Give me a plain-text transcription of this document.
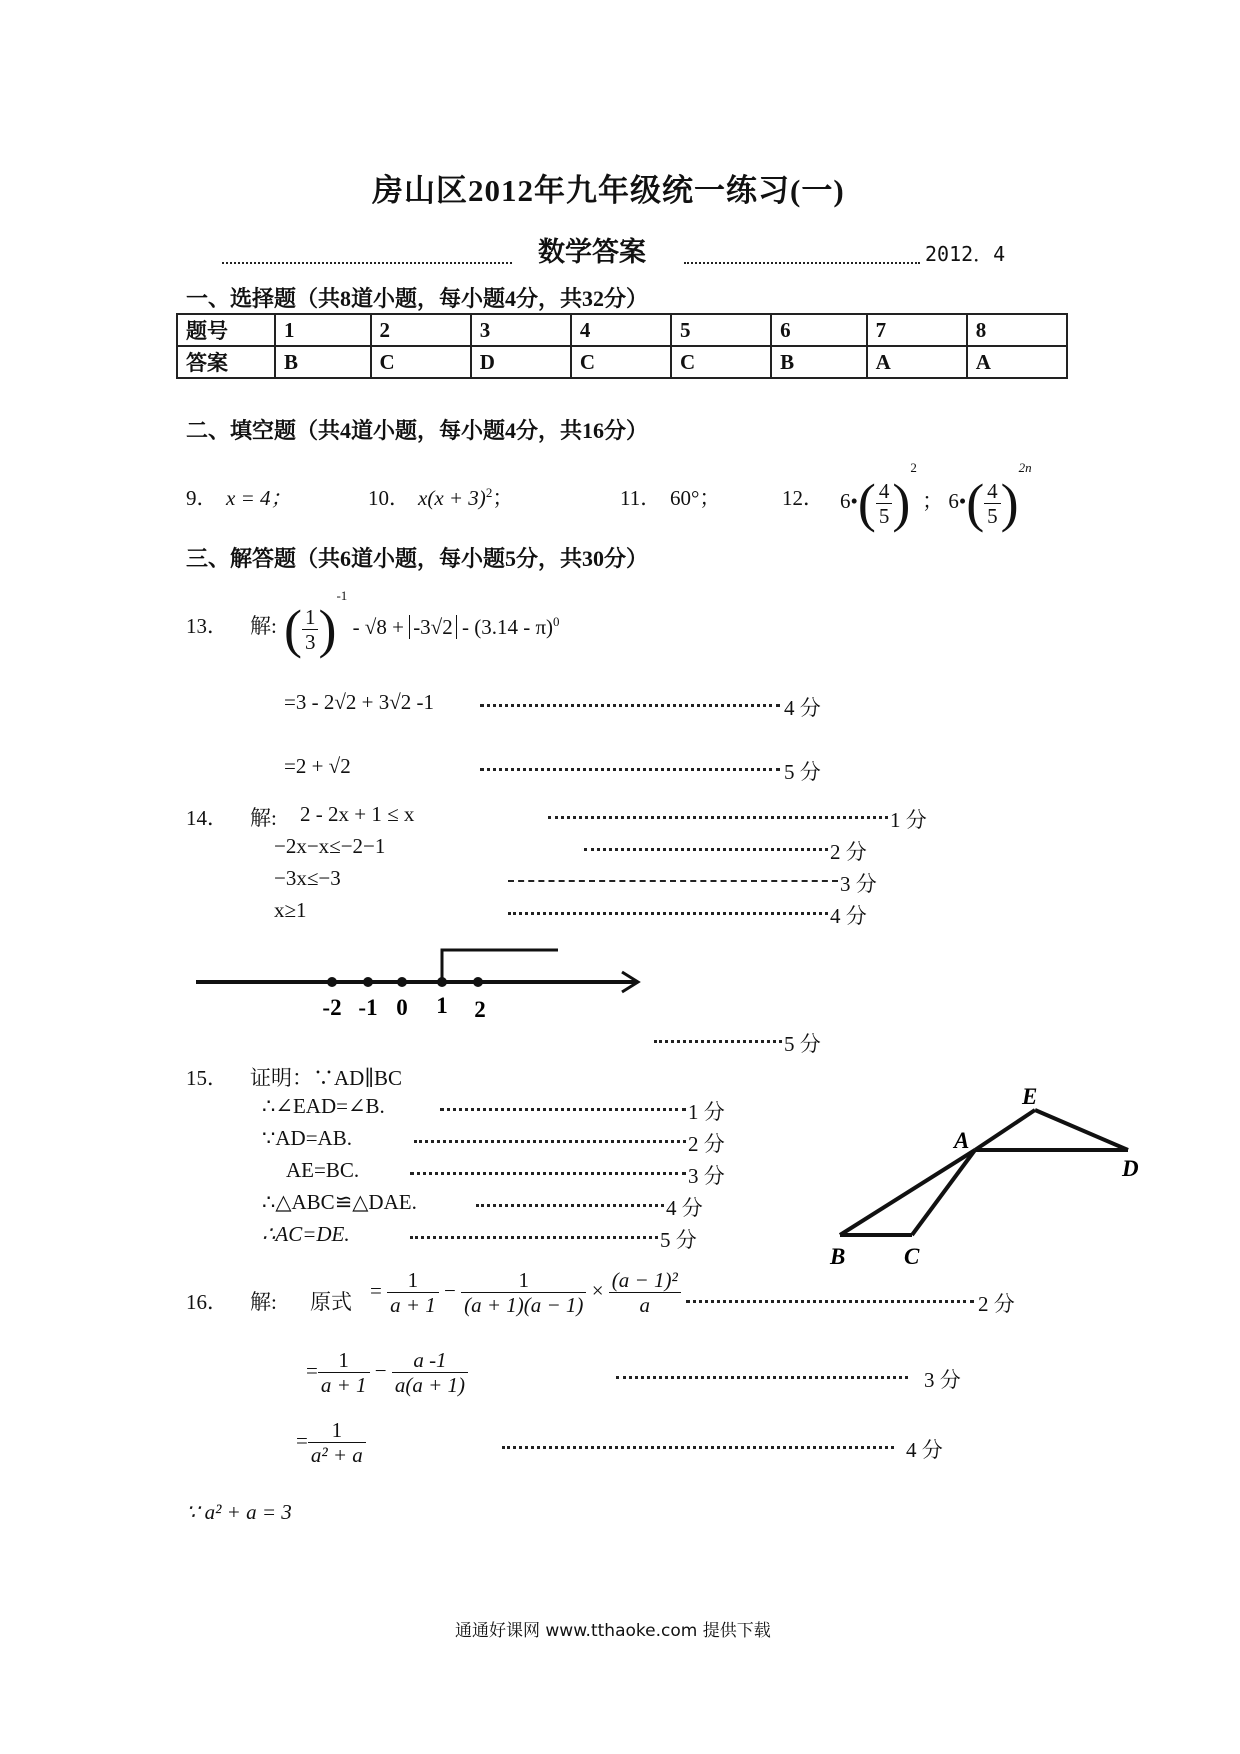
房山区2012年九年级统一练习(一)
数学答案	2012．4
一、选择题（共8道小题，每小题4分，共32分）
题号	1	2	3	4	5	6	7	8
答案	B	C	D	C	C	B	A	A
二、填空题（共4道小题，每小题4分，共16分）
9． x = 4；	10． $x(x + 3)^2$；	11． 60°；	12． 6•( $\frac{4}{5} )^2$ ； 6•( $\frac{4}{5} )^{2n}$
三、解答题（共6道小题，每小题5分，共30分）
13． 解: ( $\frac{1}{3} )^{-1} - √8 + -3√2 - (3.14 - \pi)^0$
=3 - 2√2 + 3√2 -1	4 分
=2 + √2	5 分
14． 解: 2 - 2x + 1 ≤ x	1 分
−2x−x≤−2−1	2 分
−3x≤−3	3 分
x≥1	4 分
-2 -1 0 1 2
5 分
15． 证明：∵AD∥BC
∴∠EAD=∠B.	1 分
∵AD=AB.	2 分
AE=BC.	3 分
∴△ABC≌△DAE.	4 分
∴AC=DE.	5 分
E
A
D
B	C
16． 解: 原式 = $\frac{1}{a + 1} - \frac{1}{(a + 1)(a - 1)} \times \frac{\text{(a − 1)²}}{a}$	2 分
= $\frac{1}{a + 1} - \frac{a -1}{a(a + 1)}$	3 分
= $\frac{1}{\text{a² + a}}$	4 分
∵ a² + a = 3
通通好课网 www.tthaoke.com 提供下载
